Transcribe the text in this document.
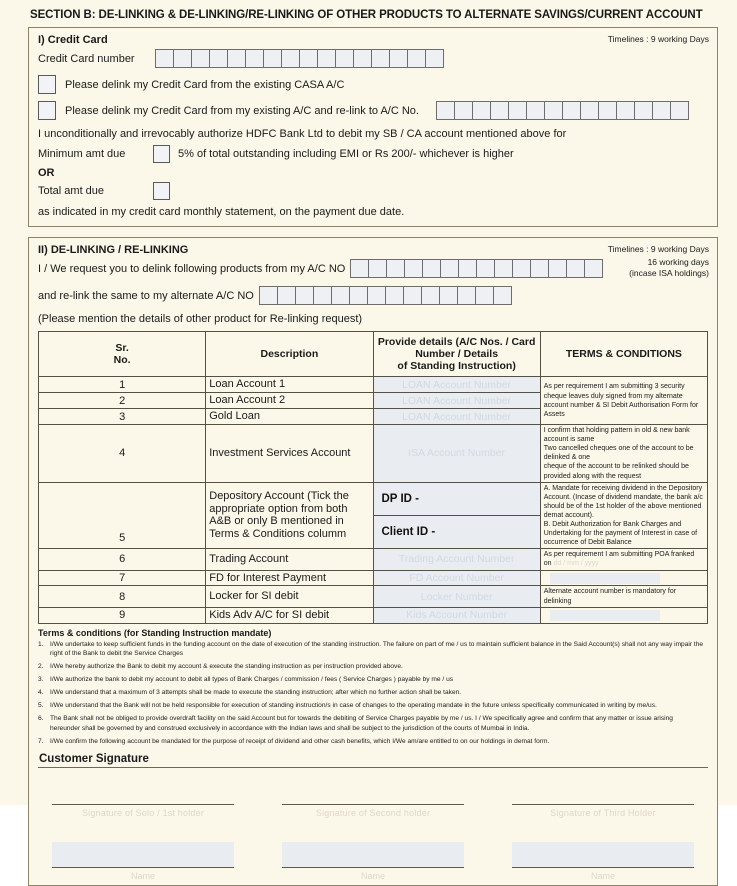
SECTION B: DE-LINKING & DE-LINKING/RE-LINKING OF OTHER PRODUCTS TO ALTERNATE SAVINGS/CURRENT ACCOUNT
Timelines : 9 working Days
I) Credit Card
Credit Card number
Please delink my Credit Card from the existing CASA A/C
Please delink my Credit Card from my existing A/C and re-link to A/C No.
I unconditionally and irrevocably authorize HDFC Bank Ltd to debit my SB / CA account mentioned above for
Minimum amt due	5% of total outstanding including EMI or Rs 200/- whichever is higher
OR
Total amt due
as indicated in my credit card monthly statement, on the payment due date.
Timelines : 9 working Days
16 working days
(incase ISA holdings)
II) DE-LINKING / RE-LINKING
I / We request you to delink following products from my A/C NO
and re-link the same to my alternate A/C NO
(Please mention the details of other product for Re-linking request)
Sr.
No.	Description	Provide details (A/C Nos. / Card Number / Details
of Standing Instruction)	TERMS & CONDITIONS
1	Loan Account 1	LOAN Account Number	As per requirement I am submitting 3 security cheque leaves duly signed from my alternate account number & SI Debit Authorisation Form for Assets
2	Loan Account 2	LOAN Account Number	
3	Gold Loan	LOAN Account Number	
4	Investment Services Account	ISA Account Number	I confirm that holding pattern in old & new bank account is same
Two cancelled cheques one of the account to be delinked & one
cheque of the account to be relinked should be provided along with the request
5	Depository Account (Tick the appropriate option from both A&B or only B mentioned in Terms & Conditions columm	DP ID -	A. Mandate for receiving dividend in the Depository Account. (Incase of dividend mandate, the bank a/c should be of the 1st holder of the above mentioned demat account).
B. Debit Authorization for Bank Charges and Undertaking for the payment of Interest in case of occurrence of Debit Balance
		Client ID -	
6	Trading Account	Trading Account Number	As per requirement I am submitting POA franked on dd / mm / yyyy
7	FD for Interest Payment	FD Account Number	

8	Locker for SI debit	Locker Number	Alternate account number is mandatory for delinking
9	Kids Adv A/C for SI debit	Kids Account Number	
Terms & conditions (for Standing Instruction mandate)
1. I/We undertake to keep sufficient funds in the funding account on the date of execution of the standing instruction. The failure on part of me / us to maintain sufficient balance in the Said Account(s) shall not any way impair the right of the Bank to debit the Service Charges
2. I/We hereby authorize the Bank to debit my account & execute the standing instruction as per instruction provided above.
3. I/We authorize the bank to debit my account to debit all types of Bank Charges / commission / fees ( Service Charges ) payable by me / us
4. I/We understand that a maximum of 3 attempts shall be made to execute the standing instruction; after which no further action shall be taken.
5. I/We understand that the Bank will not be held responsible for execution of standing instruction/s in case of changes to the operating mandate in the future unless specifically communicated in writing by me/us.
6. The Bank shall not be obliged to provide overdraft facility on the said Account but for towards the debiting of Service Charges payable by me / us. I / We specifically agree and confirm that any matter or issue arising hereunder shall be governed by and construed exclusively in accordance with the Indian laws and shall be subject to the jurisdiction of the courts of Mumbai in India.
7. I/We confirm the following account be mandated for the purpose of receipt of dividend and other cash benefits, which I/We am/are entitled to on our holdings in demat form.
Customer Signature
Signature of Solo / 1st holder
Name
Signature of Second holder
Name
Signature of Third Holder
Name
